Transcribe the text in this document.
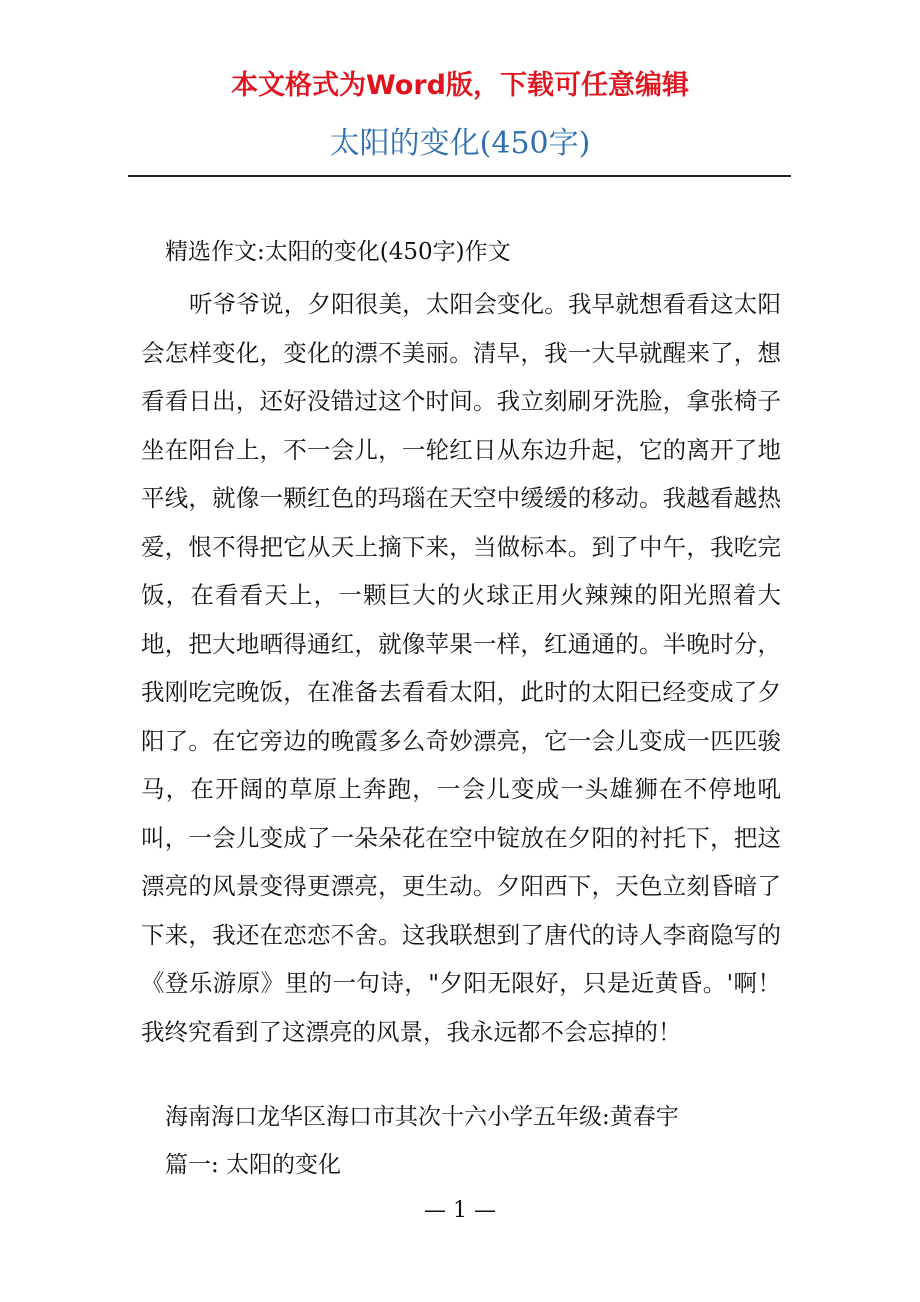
本文格式为Word版，下载可任意编辑
太阳的变化(450字)
精选作文:太阳的变化(450字)作文

听爷爷说，夕阳很美，太阳会变化。我早就想看看这太阳会怎样变化，变化的漂不美丽。清早，我一大早就醒来了，想看看日出，还好没错过这个时间。我立刻刷牙洗脸，拿张椅子坐在阳台上，不一会儿，一轮红日从东边升起，它的离开了地平线，就像一颗红色的玛瑙在天空中缓缓的移动。我越看越热爱，恨不得把它从天上摘下来，当做标本。到了中午，我吃完饭，在看看天上，一颗巨大的火球正用火辣辣的阳光照着大地，把大地晒得通红，就像苹果一样，红通通的。半晚时分，我刚吃完晚饭，在准备去看看太阳，此时的太阳已经变成了夕阳了。在它旁边的晚霞多么奇妙漂亮，它一会儿变成一匹匹骏马，在开阔的草原上奔跑，一会儿变成一头雄狮在不停地吼叫，一会儿变成了一朵朵花在空中锭放在夕阳的衬托下，把这漂亮的风景变得更漂亮，更生动。夕阳西下，天色立刻昏暗了下来，我还在恋恋不舍。这我联想到了唐代的诗人李商隐写的《登乐游原》里的一句诗，"夕阳无限好，只是近黄昏。'啊！我终究看到了这漂亮的风景，我永远都不会忘掉的！

海南海口龙华区海口市其次十六小学五年级:黄春宇
篇一: 太阳的变化
— 1 —
